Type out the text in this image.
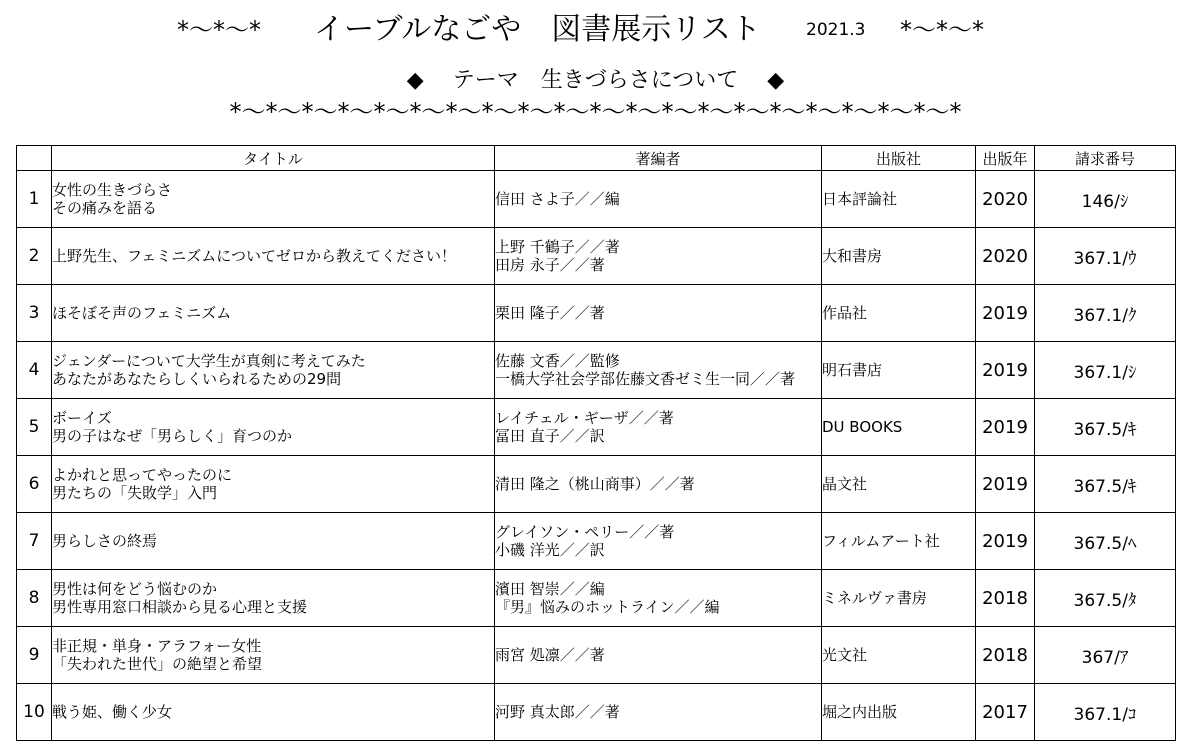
*〜*〜* イーブルなごや　図書展示リスト	2021.3 *〜*〜*
◆ テーマ　生きづらさについて ◆
*〜*〜*〜*〜*〜*〜*〜*〜*〜*〜*〜*〜*〜*〜*〜*〜*〜*〜*〜*〜*
	タイトル	著編者	出版社	出版年	請求番号
1	女性の生きづらさ
その痛みを語る	信田 さよ子／／編	日本評論社	2020	146/ｼ
2	上野先生、フェミニズムについてゼロから教えてください！	上野 千鶴子／／著
田房 永子／／著	大和書房	2020	367.1/ｳ
3	ほそぼそ声のフェミニズム	栗田 隆子／／著	作品社	2019	367.1/ｸ
4	ジェンダーについて大学生が真剣に考えてみた
あなたがあなたらしくいられるための29問	佐藤 文香／／監修
一橋大学社会学部佐藤文香ゼミ生一同／／著	明石書店	2019	367.1/ｼ
5	ボーイズ
男の子はなぜ「男らしく」育つのか	レイチェル・ギーザ／／著
冨田 直子／／訳	DU BOOKS	2019	367.5/ｷ
6	よかれと思ってやったのに
男たちの「失敗学」入門	清田 隆之（桃山商事）／／著	晶文社	2019	367.5/ｷ
7	男らしさの終焉	グレイソン・ペリー／／著
小磯 洋光／／訳	フィルムアート社	2019	367.5/ﾍ
8	男性は何をどう悩むのか
男性専用窓口相談から見る心理と支援	濱田 智崇／／編
『男』悩みのホットライン／／編	ミネルヴァ書房	2018	367.5/ﾀ
9	非正規・単身・アラフォー女性
「失われた世代」の絶望と希望	雨宮 処凛／／著	光文社	2018	367/ｱ
10	戦う姫、働く少女	河野 真太郎／／著	堀之内出版	2017	367.1/ｺ
